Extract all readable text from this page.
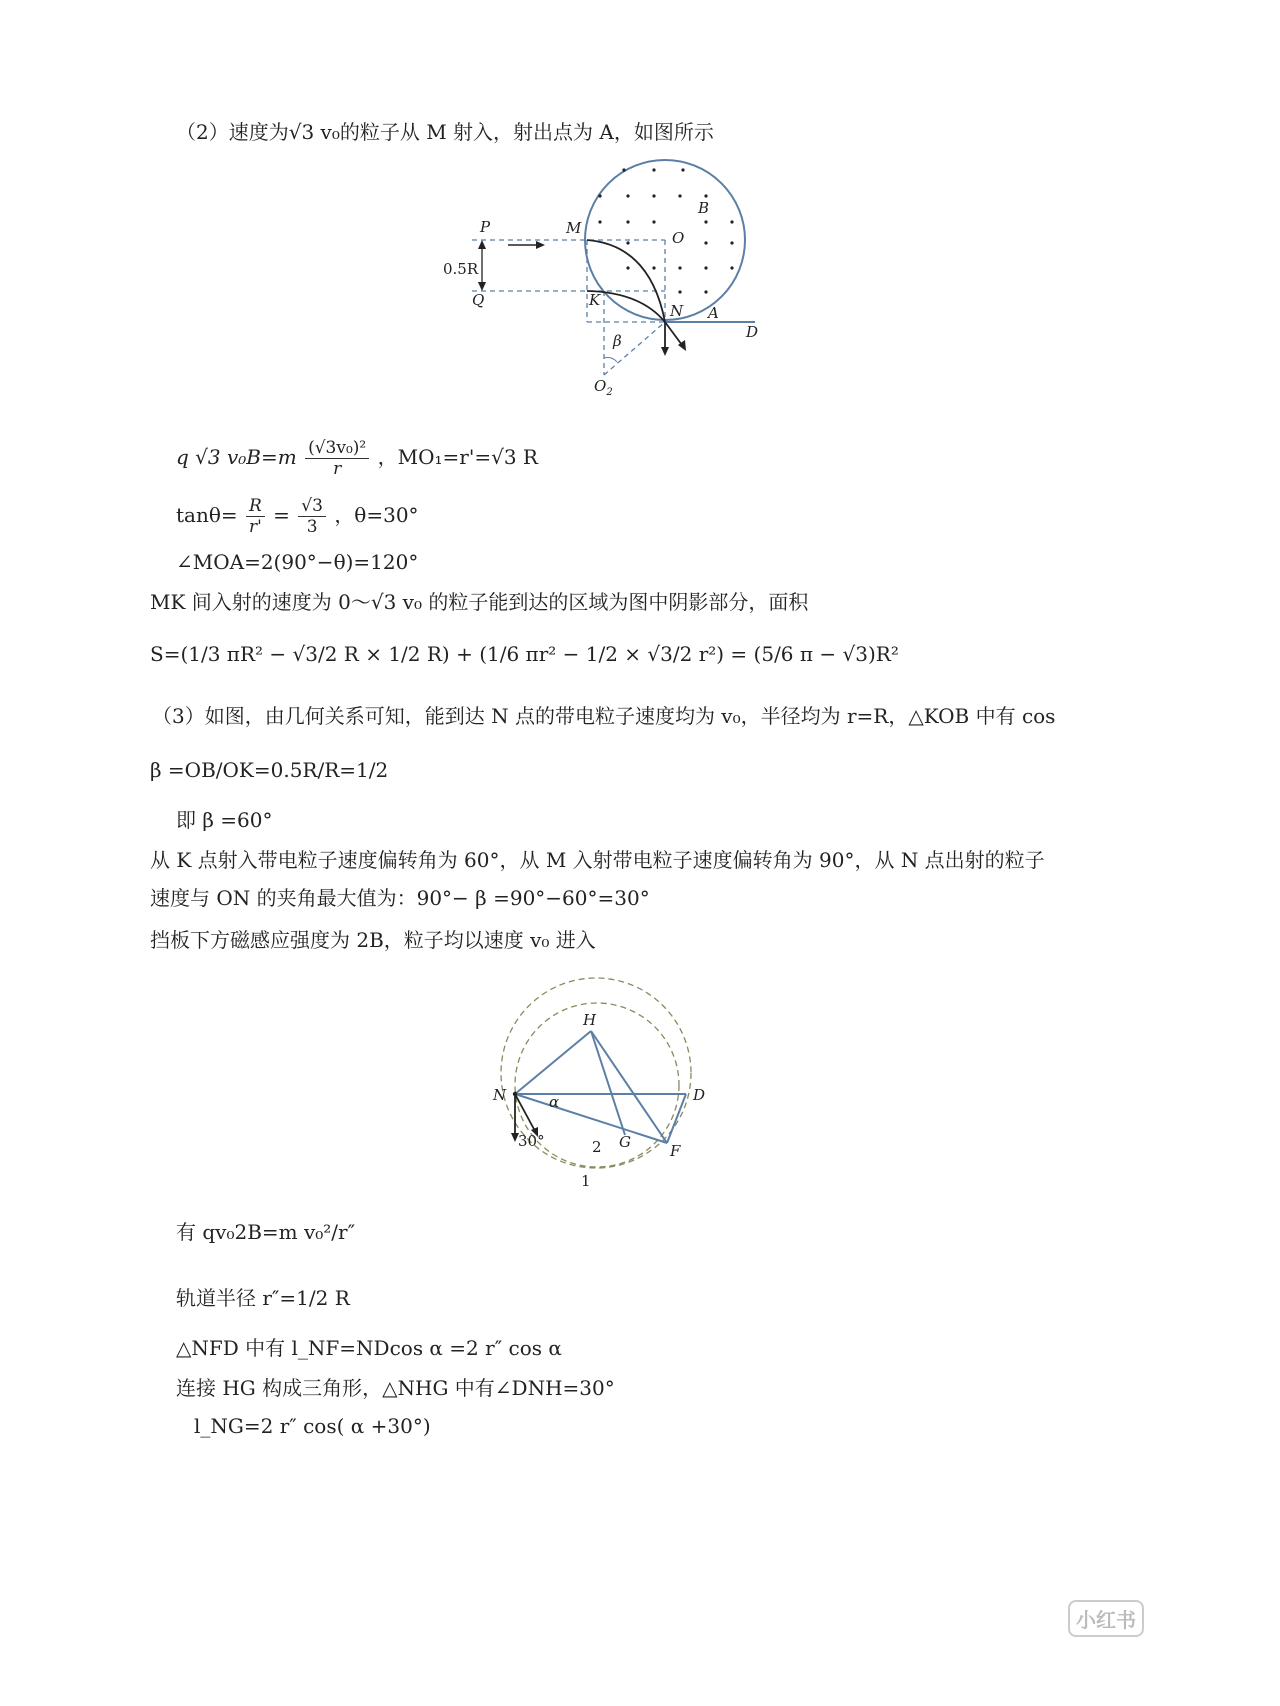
（2）速度为√3 v₀的粒子从 M 射入，射出点为 A，如图所示
P	M
O
B
0.5R
Q	K
N A
D
β
$O_2$
q √3 $v_0B=m \frac{\text{(√3v₀)²}}{r}$ ，MO₁=r'=√3 R
$\tan\theta= \frac{R}{r'} = \frac{√3}{3}$ ，θ=30°
∠MOA=2(90°−θ)=120°
MK 间入射的速度为 0～√3 v₀ 的粒子能到达的区域为图中阴影部分，面积
S=(1/3 πR² − √3/2 R × 1/2 R) + (1/6 πr² − 1/2 × √3/2 r²) = (5/6 π − √3)R²
（3）如图，由几何关系可知，能到达 N 点的带电粒子速度均为 v₀，半径均为 r=R，△KOB 中有 cos
β =OB/OK=0.5R/R=1/2
即 β =60°
从 K 点射入带电粒子速度偏转角为 60°，从 M 入射带电粒子速度偏转角为 90°，从 N 点出射的粒子
速度与 ON 的夹角最大值为：90°− β =90°−60°=30°
挡板下方磁感应强度为 2B，粒子均以速度 v₀ 进入
H
N	D
α
30°	2 G	F
1
有 qv₀2B=m v₀²/r″
轨道半径 r″=1/2 R
△NFD 中有 l_NF=NDcos α =2 r″ cos α
连接 HG 构成三角形，△NHG 中有∠DNH=30°
l_NG=2 r″ cos( α +30°)
小红书
